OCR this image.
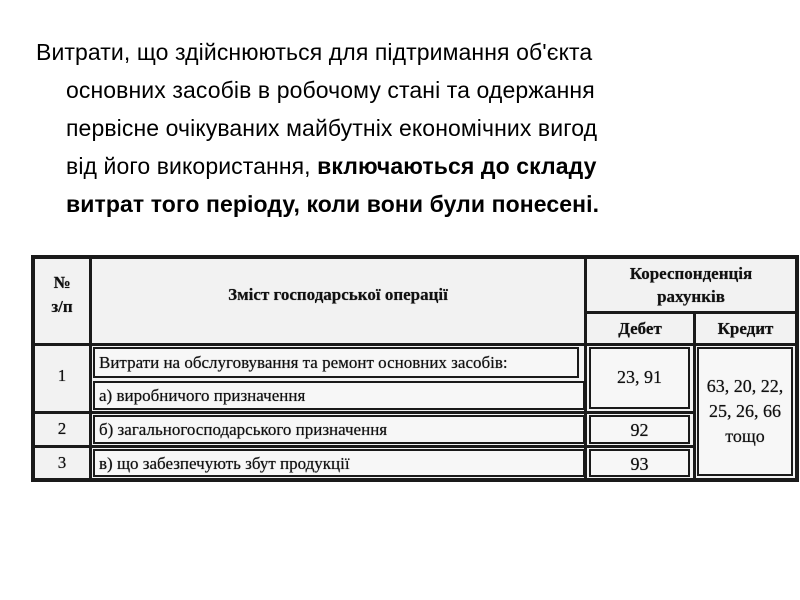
Витрати, що здійснюються для підтримання об'єкта
основних засобів в робочому стані та одержання
первісне очікуваних майбутніх економічних вигод
від його використання, включаються до складу
витрат того періоду, коли вони були понесені.
№
з/п
Зміст господарської операції
Кореспонденція
рахунків
Дебет	Кредит
1
2
3
Витрати на обслуговування та ремонт основних засобів:
а) виробничого призначення
б) загальногосподарського призначення
в) що забезпечують збут продукції
23, 91
92
93
63, 20, 22,
25, 26, 66
тощо
